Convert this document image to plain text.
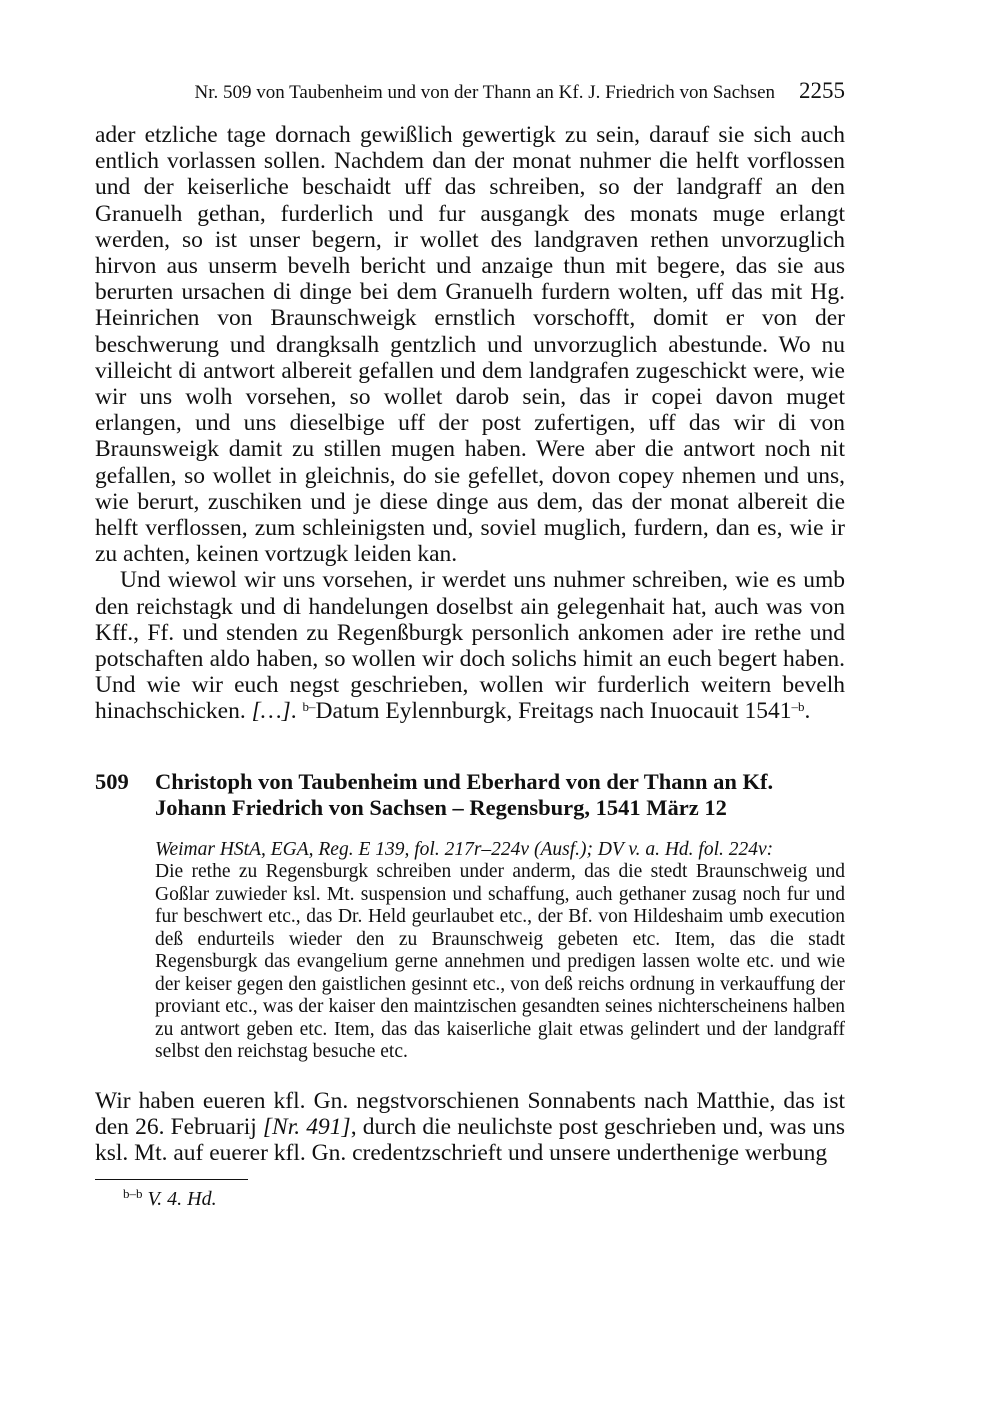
Nr. 509 von Taubenheim und von der Thann an Kf. J. Friedrich von Sachsen 2255

ader etzliche tage dornach gewißlich gewertigk zu sein, darauf sie sich auch entlich vorlassen sollen. Nachdem dan der monat nuhmer die helft vorflossen und der keiserliche beschaidt uff das schreiben, so der landgraff an den Granuelh gethan, furderlich und fur ausgangk des monats muge erlangt werden, so ist unser begern, ir wollet des landgraven rethen unvorzuglich hirvon aus unserm bevelh bericht und anzaige thun mit begere, das sie aus berurten ursachen di dinge bei dem Granuelh furdern wolten, uff das mit Hg. Heinrichen von Braunschweigk ernstlich vorschofft, domit er von der beschwerung und drangksalh gentzlich und unvorzuglich abestunde. Wo nu villeicht di antwort albereit gefallen und dem landgrafen zugeschickt were, wie wir uns wolh vorsehen, so wollet darob sein, das ir copei davon muget erlangen, und uns dieselbige uff der post zufertigen, uff das wir di von Braunsweigk damit zu stillen mugen haben. Were aber die antwort noch nit gefallen, so wollet in gleichnis, do sie gefellet, dovon copey nhemen und uns, wie berurt, zuschiken und je diese dinge aus dem, das der monat albereit die helft verflossen, zum schleinigsten und, soviel muglich, furdern, dan es, wie ir zu achten, keinen vortzugk leiden kan.

Und wiewol wir uns vorsehen, ir werdet uns nuhmer schreiben, wie es umb den reichstagk und di handelungen doselbst ain gelegenhait hat, auch was von Kff., Ff. und stenden zu Regenßburgk personlich ankomen ader ire rethe und potschaften aldo haben, so wollen wir doch solichs himit an euch begert haben. Und wie wir euch negst geschrieben, wollen wir furderlich weitern bevelh hinachschicken. […]. $^{b-}$Datum Eylennburgk, Freitags nach Inuocauit $1541^{-b}$.

509	Christoph von Taubenheim und Eberhard von der Thann an Kf. Johann Friedrich von Sachsen – Regensburg, 1541 März 12

Weimar HStA, EGA, Reg. E 139, fol. 217r–224v (Ausf.); DV v. a. Hd. fol. 224v:
Die rethe zu Regensburgk schreiben under anderm, das die stedt Braunschweig und Goßlar zuwieder ksl. Mt. suspension und schaffung, auch gethaner zusag noch fur und fur beschwert etc., das Dr. Held geurlaubet etc., der Bf. von Hildeshaim umb execution deß endurteils wieder den zu Braunschweig gebeten etc. Item, das die stadt Regensburgk das evangelium gerne annehmen und predigen lassen wolte etc. und wie der keiser gegen den gaistlichen gesinnt etc., von deß reichs ordnung in verkauffung der proviant etc., was der kaiser den maintzischen gesandten seines nichterscheinens halben zu antwort geben etc. Item, das das kaiserliche glait etwas gelindert und der landgraff selbst den reichstag besuche etc.

Wir haben eueren kfl. Gn. negstvorschienen Sonnabents nach Matthie, das ist den 26. Februarij [Nr. 491], durch die neulichste post geschrieben und, was uns ksl. Mt. auf euerer kfl. Gn. credentzschrieft und unsere underthenige werbung

$^{b-b}$ V. 4. Hd.
